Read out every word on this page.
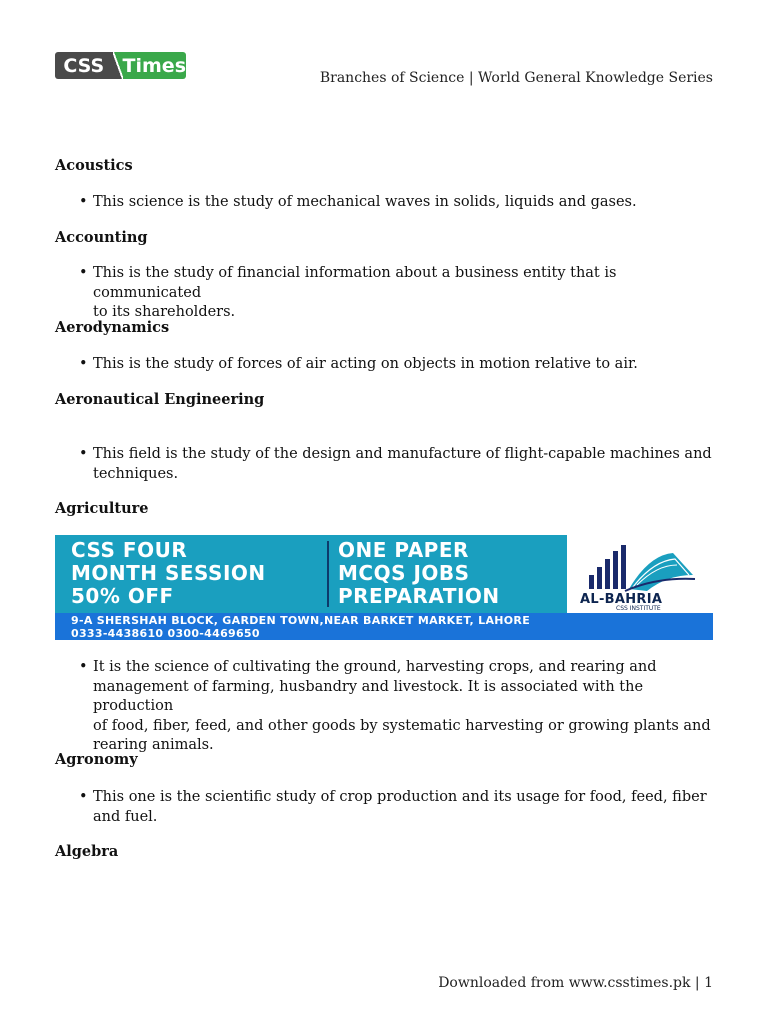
CSS Times
Branches of Science | World General Knowledge Series
Acoustics
• This science is the study of mechanical waves in solids, liquids and gases.
Accounting
• This is the study of financial information about a business entity that is communicated
to its shareholders.
Aerodynamics
• This is the study of forces of air acting on objects in motion relative to air.
Aeronautical Engineering
• This field is the study of the design and manufacture of flight-capable machines and
techniques.
Agriculture
CSS FOUR
MONTH SESSION
50% OFF
ONE PAPER
MCQS JOBS
PREPARATION	AL-BAHRIA
CSS INSTITUTE
9-A SHERSHAH BLOCK, GARDEN TOWN,NEAR BARKET MARKET, LAHORE
0333-4438610 0300-4469650
• It is the science of cultivating the ground, harvesting crops, and rearing and
management of farming, husbandry and livestock. It is associated with the production
of food, fiber, feed, and other goods by systematic harvesting or growing plants and
rearing animals.
Agronomy
• This one is the scientific study of crop production and its usage for food, feed, fiber
and fuel.
Algebra
Downloaded from www.csstimes.pk | 1
